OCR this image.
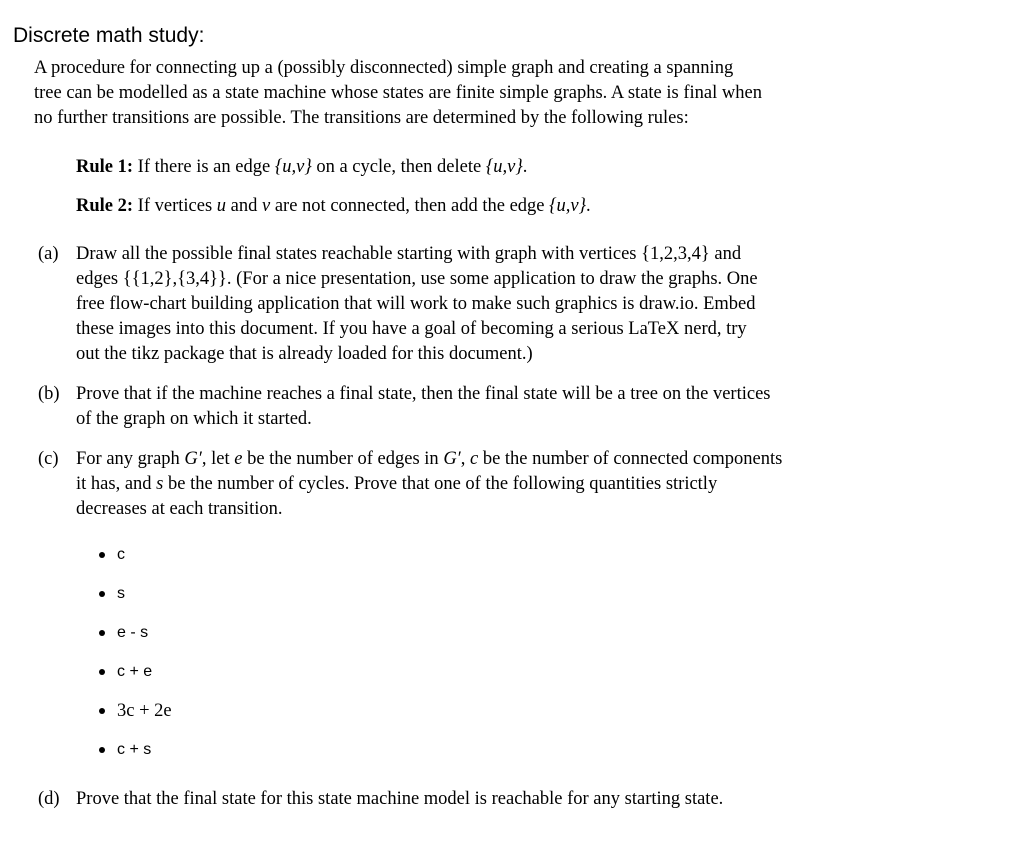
Discrete math study:
A procedure for connecting up a (possibly disconnected) simple graph and creating a spanning
tree can be modelled as a state machine whose states are finite simple graphs. A state is final when
no further transitions are possible. The transitions are determined by the following rules:
Rule 1: If there is an edge {u,v} on a cycle, then delete {u,v}.
Rule 2: If vertices u and v are not connected, then add the edge {u,v}.
(a) Draw all the possible final states reachable starting with graph with vertices {1,2,3,4} and
edges {{1,2},{3,4}}. (For a nice presentation, use some application to draw the graphs. One
free flow-chart building application that will work to make such graphics is draw.io. Embed
these images into this document. If you have a goal of becoming a serious LaTeX nerd, try
out the tikz package that is already loaded for this document.)
(b) Prove that if the machine reaches a final state, then the final state will be a tree on the vertices
of the graph on which it started.
(c) For any graph G′, let e be the number of edges in G′, c be the number of connected components
it has, and s be the number of cycles. Prove that one of the following quantities strictly
decreases at each transition.
c
s
e - s
c + e
3c + 2e
c + s
(d) Prove that the final state for this state machine model is reachable for any starting state.
